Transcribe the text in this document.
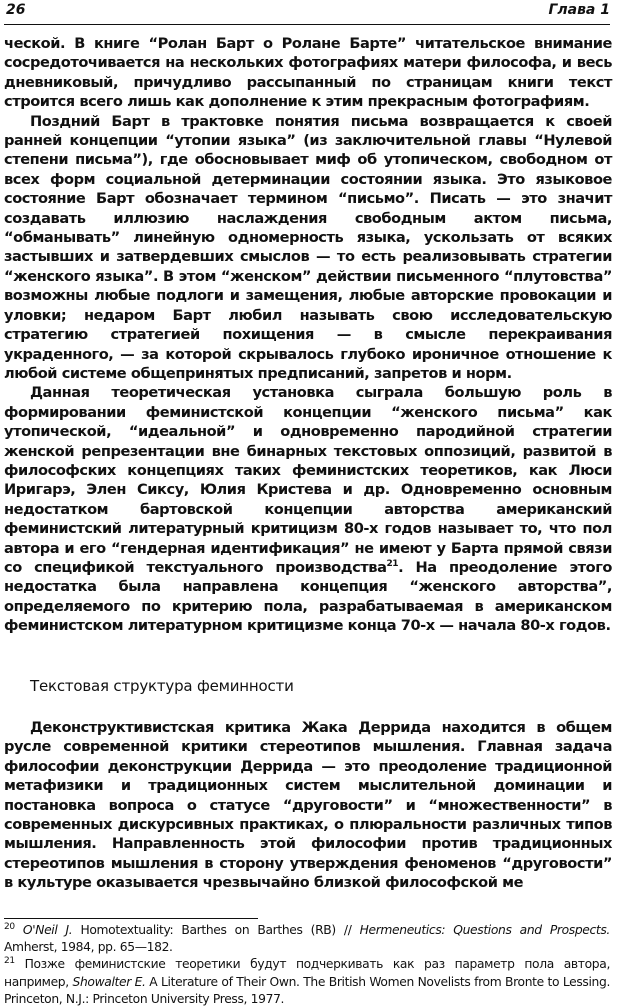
26	Глава 1

ческой. В книге “Ролан Барт о Ролане Барте” читательское внимание сосредоточивается на нескольких фотографиях матери философа, и весь дневниковый, причудливо рассыпанный по страницам книги текст строится всего лишь как дополнение к этим прекрасным фотографиям.

Поздний Барт в трактовке понятия письма возвращается к своей ранней концепции “утопии языка” (из заключительной главы “Нулевой степени письма”), где обосновывает миф об утопическом, свободном от всех форм социальной детерминации состоянии языка. Это языковое состояние Барт обозначает термином “письмо”. Писать — это значит создавать иллюзию наслаждения свободным актом письма, “обманывать” линейную одномерность языка, ускользать от всяких застывших и затвердевших смыслов — то есть реализовывать стратегии “женского языка”. В этом “женском” действии письменного “плутовства” возможны любые подлоги и замещения, любые авторские провокации и уловки; недаром Барт любил называть свою исследовательскую стратегию стратегией похищения — в смысле перекраивания украденного, — за которой скрывалось глубоко ироничное отношение к любой системе общепринятых предписаний, запретов и норм.

Данная теоретическая установка сыграла большую роль в формировании феминистской концепции “женского письма” как утопической, “идеальной” и одновременно пародийной стратегии женской репрезентации вне бинарных текстовых оппозиций, развитой в философских концепциях таких феминистских теоретиков, как Люси Иригарэ, Элен Сиксу, Юлия Кристева и др. Одновременно основным недостатком бартовской концепции авторства американский феминистский литературный критицизм 80-х годов называет то, что пол автора и его “гендерная идентификация” не имеют у Барта прямой связи со спецификой текстуального производства$^{21}$. На преодоление этого недостатка была направлена концепция “женского авторства”, определяемого по критерию пола, разрабатываемая в американском феминистском литературном критицизме конца 70-х — начала 80-х годов.

Текстовая структура феминности

Деконструктивистская критика Жака Деррида находится в общем русле современной критики стереотипов мышления. Главная задача философии деконструкции Деррида — это преодоление традиционной метафизики и традиционных систем мыслительной доминации и постановка вопроса о статусе “друговости” и “множественности” в современных дискурсивных практиках, о плюральности различных типов мышления. Направленность этой философии против традиционных стереотипов мышления в сторону утверждения феноменов “друговости” в культуре оказывается чрезвычайно близкой философской ме

$^{20}$ O'Neil J. Homotextuality: Barthes on Barthes (RB) // Hermeneutics: Questions and Prospects. Amherst, 1984, pp. 65—182.

$^{21}$ Позже феминистские теоретики будут подчеркивать как раз параметр пола автора, например, Showalter E. A Literature of Their Own. The British Women Novelists from Bronte to Lessing. Princeton, N.J.: Princeton University Press, 1977.
